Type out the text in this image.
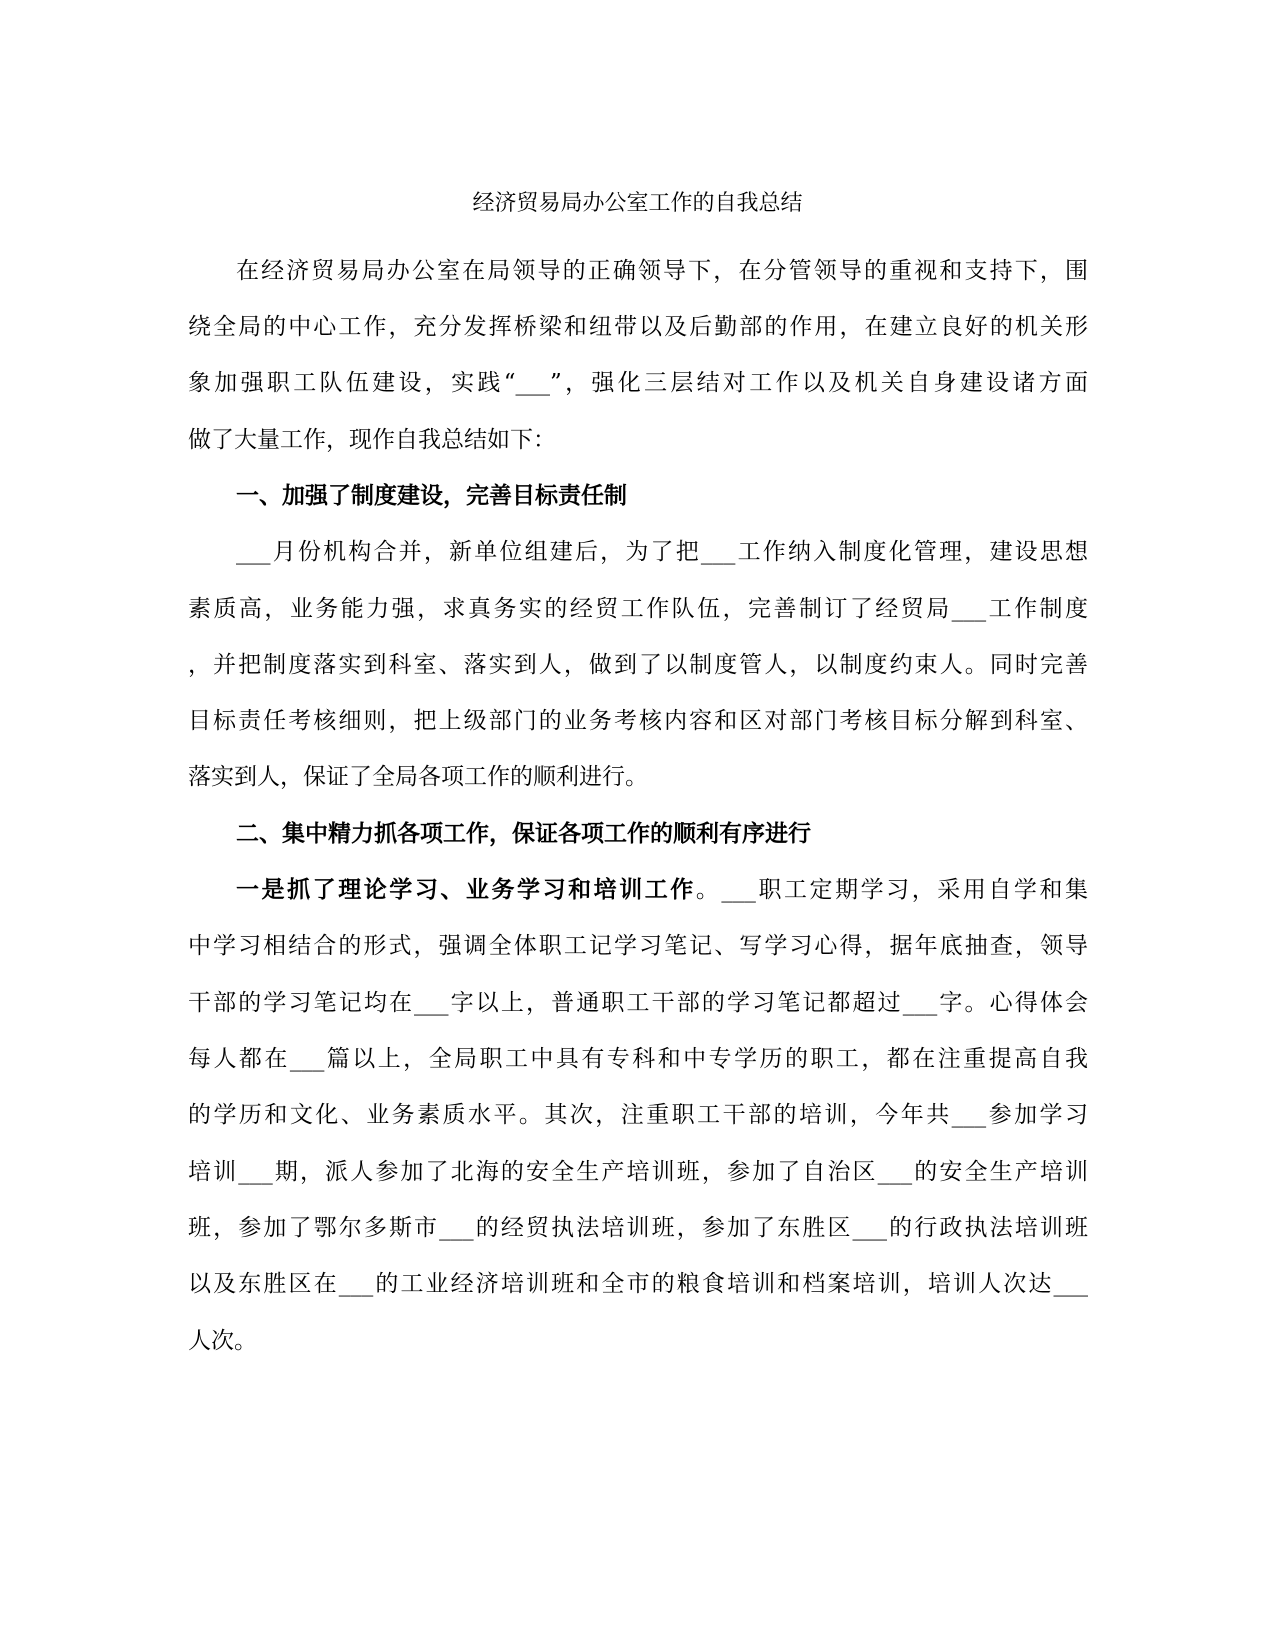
经济贸易局办公室工作的自我总结
在经济贸易局办公室在局领导的正确领导下，在分管领导的重视和支持下，围
绕全局的中心工作，充分发挥桥梁和纽带以及后勤部的作用，在建立良好的机关形
象加强职工队伍建设，实践“___”，强化三层结对工作以及机关自身建设诸方面
做了大量工作，现作自我总结如下：
一、加强了制度建设，完善目标责任制
___月份机构合并，新单位组建后，为了把___工作纳入制度化管理，建设思想
素质高，业务能力强，求真务实的经贸工作队伍，完善制订了经贸局___工作制度
，并把制度落实到科室、落实到人，做到了以制度管人，以制度约束人。同时完善
目标责任考核细则，把上级部门的业务考核内容和区对部门考核目标分解到科室、
落实到人，保证了全局各项工作的顺利进行。
二、集中精力抓各项工作，保证各项工作的顺利有序进行
一是抓了理论学习、业务学习和培训工作。___职工定期学习，采用自学和集
中学习相结合的形式，强调全体职工记学习笔记、写学习心得，据年底抽查，领导
干部的学习笔记均在___字以上，普通职工干部的学习笔记都超过___字。心得体会
每人都在___篇以上，全局职工中具有专科和中专学历的职工，都在注重提高自我
的学历和文化、业务素质水平。其次，注重职工干部的培训，今年共___参加学习
培训___期，派人参加了北海的安全生产培训班，参加了自治区___的安全生产培训
班，参加了鄂尔多斯市___的经贸执法培训班，参加了东胜区___的行政执法培训班
以及东胜区在___的工业经济培训班和全市的粮食培训和档案培训，培训人次达___
人次。
